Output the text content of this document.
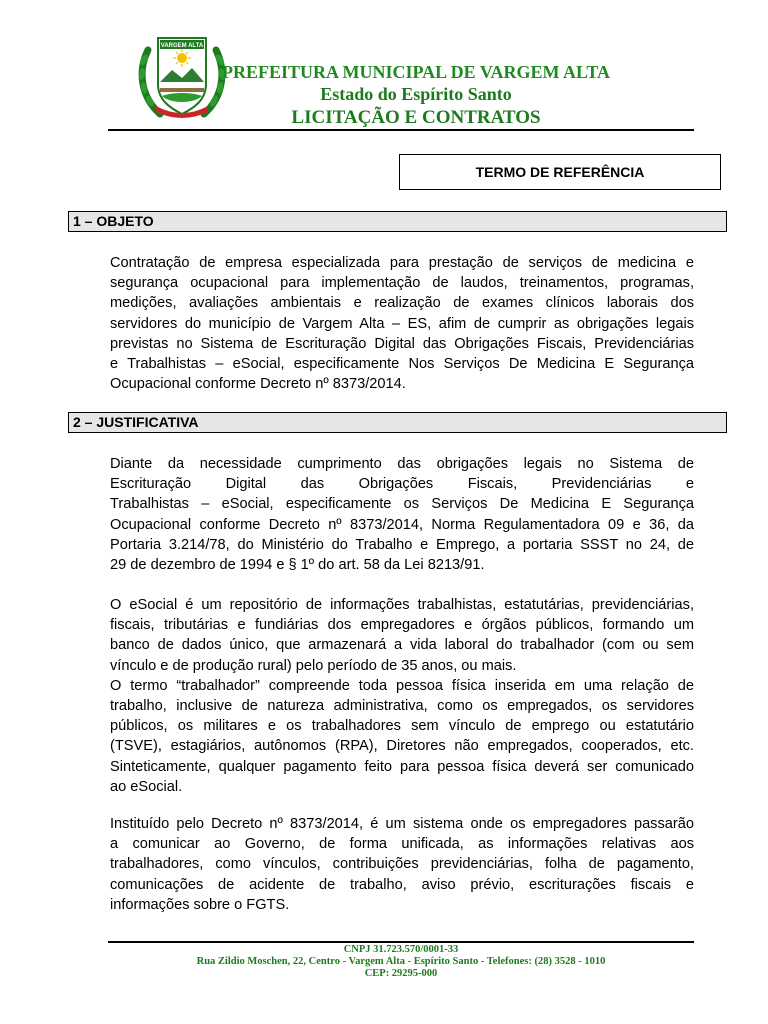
VARGEM ALTA
PREFEITURA MUNICIPAL DE VARGEM ALTA
Estado do Espírito Santo
LICITAÇÃO E CONTRATOS
TERMO DE REFERÊNCIA
1 – OBJETO
Contratação de empresa especializada para prestação de serviços de medicina e
segurança ocupacional para implementação de laudos, treinamentos, programas,
medições, avaliações ambientais e realização de exames clínicos laborais dos
servidores do município de Vargem Alta – ES, afim de cumprir as obrigações legais
previstas no Sistema de Escrituração Digital das Obrigações Fiscais, Previdenciárias
e Trabalhistas – eSocial, especificamente Nos Serviços De Medicina E Segurança
Ocupacional conforme Decreto nº 8373/2014.
2 – JUSTIFICATIVA
Diante da necessidade cumprimento das obrigações legais no Sistema de
Escrituração Digital das Obrigações Fiscais, Previdenciárias e
Trabalhistas – eSocial, especificamente os Serviços De Medicina E Segurança
Ocupacional conforme Decreto nº 8373/2014, Norma Regulamentadora 09 e 36, da
Portaria 3.214/78, do Ministério do Trabalho e Emprego, a portaria SSST no 24, de
29 de dezembro de 1994 e § 1º do art. 58 da Lei 8213/91.
O eSocial é um repositório de informações trabalhistas, estatutárias, previdenciárias,
fiscais, tributárias e fundiárias dos empregadores e órgãos públicos, formando um
banco de dados único, que armazenará a vida laboral do trabalhador (com ou sem
vínculo e de produção rural) pelo período de 35 anos, ou mais.
O termo “trabalhador” compreende toda pessoa física inserida em uma relação de
trabalho, inclusive de natureza administrativa, como os empregados, os servidores
públicos, os militares e os trabalhadores sem vínculo de emprego ou estatutário
(TSVE), estagiários, autônomos (RPA), Diretores não empregados, cooperados, etc.
Sinteticamente, qualquer pagamento feito para pessoa física deverá ser comunicado
ao eSocial.
Instituído pelo Decreto nº 8373/2014, é um sistema onde os empregadores passarão
a comunicar ao Governo, de forma unificada, as informações relativas aos
trabalhadores, como vínculos, contribuições previdenciárias, folha de pagamento,
comunicações de acidente de trabalho, aviso prévio, escriturações fiscais e
informações sobre o FGTS.
CNPJ 31.723.570/0001-33
Rua Zildio Moschen, 22, Centro - Vargem Alta - Espírito Santo - Telefones: (28) 3528 - 1010
CEP: 29295-000
